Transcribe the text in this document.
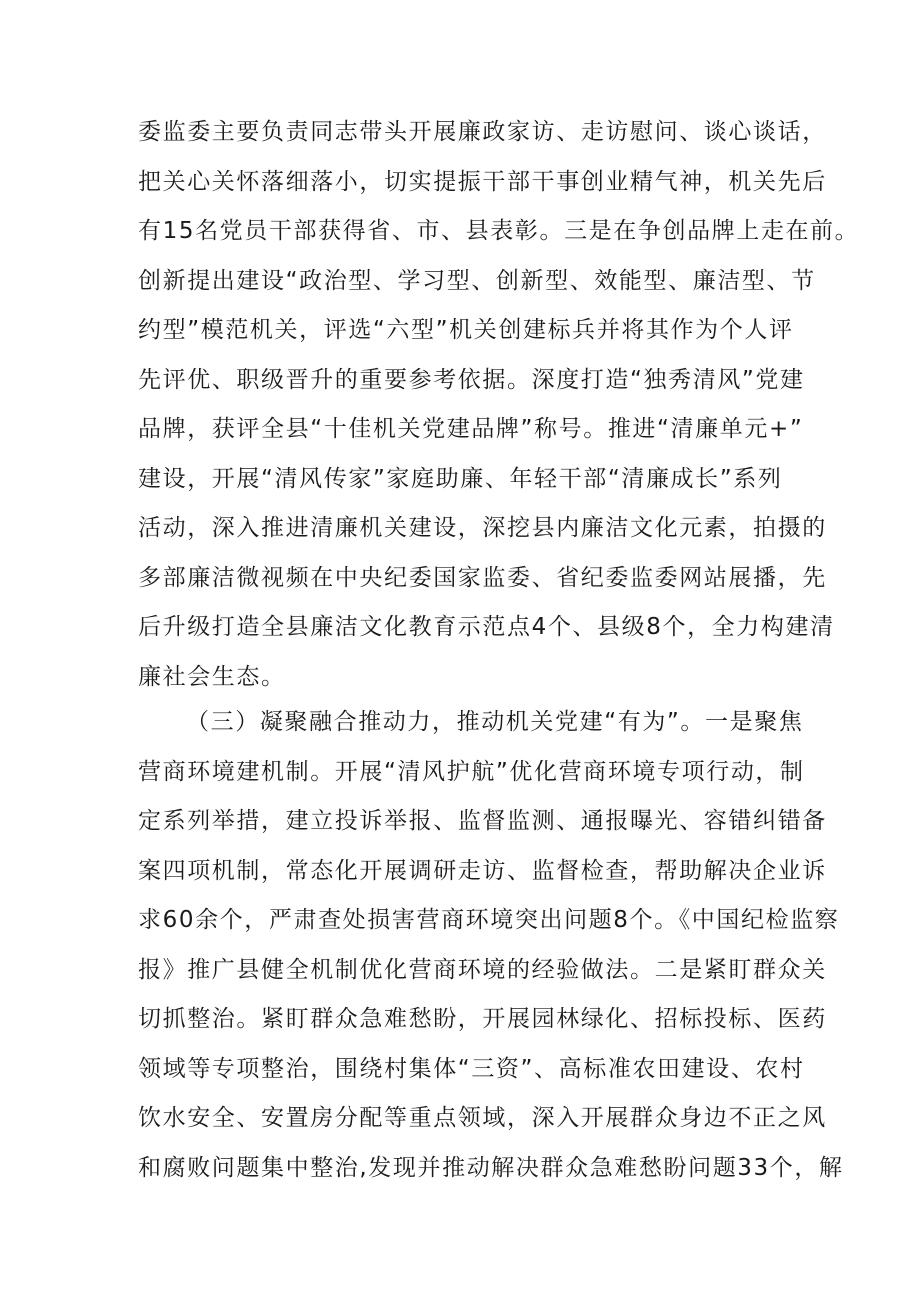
委监委主要负责同志带头开展廉政家访、走访慰问、谈心谈话，
把关心关怀落细落小，切实提振干部干事创业精气神，机关先后
有15名党员干部获得省、市、县表彰。三是在争创品牌上走在前。
创新提出建设“政治型、学习型、创新型、效能型、廉洁型、节
约型”模范机关，评选“六型”机关创建标兵并将其作为个人评
先评优、职级晋升的重要参考依据。深度打造“独秀清风”党建
品牌，获评全县“十佳机关党建品牌”称号。推进“清廉单元+”
建设，开展“清风传家”家庭助廉、年轻干部“清廉成长”系列
活动，深入推进清廉机关建设，深挖县内廉洁文化元素，拍摄的
多部廉洁微视频在中央纪委国家监委、省纪委监委网站展播，先
后升级打造全县廉洁文化教育示范点4个、县级8个，全力构建清
廉社会生态。
（三）凝聚融合推动力，推动机关党建“有为”。一是聚焦
营商环境建机制。开展“清风护航”优化营商环境专项行动，制
定系列举措，建立投诉举报、监督监测、通报曝光、容错纠错备
案四项机制，常态化开展调研走访、监督检查，帮助解决企业诉
求60余个，严肃查处损害营商环境突出问题8个。《中国纪检监察
报》推广县健全机制优化营商环境的经验做法。二是紧盯群众关
切抓整治。紧盯群众急难愁盼，开展园林绿化、招标投标、医药
领域等专项整治，围绕村集体“三资”、高标准农田建设、农村
饮水安全、安置房分配等重点领域，深入开展群众身边不正之风
和腐败问题集中整治,发现并推动解决群众急难愁盼问题33个，解
